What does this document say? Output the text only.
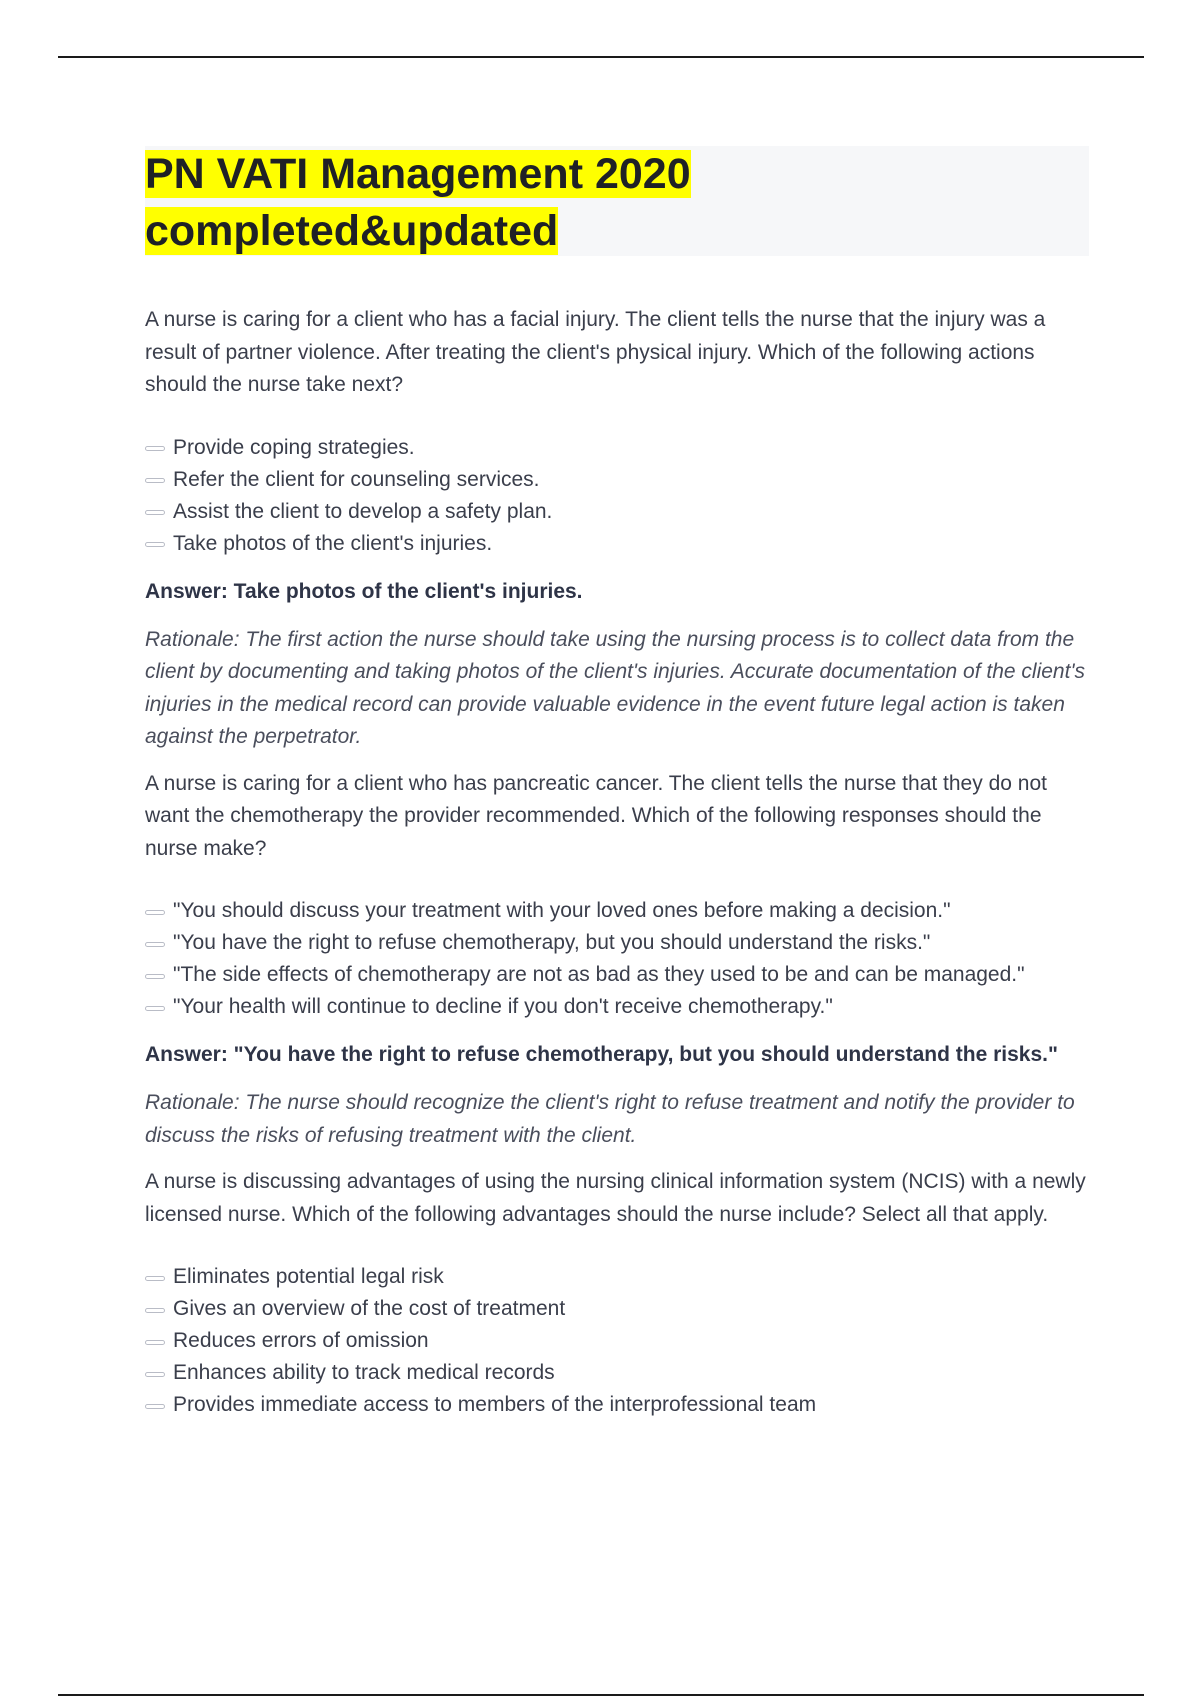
PN VATI Management 2020
completed&updated

A nurse is caring for a client who has a facial injury. The client tells the nurse that the injury was a result of partner violence. After treating the client's physical injury. Which of the following actions should the nurse take next?

Provide coping strategies.
Refer the client for counseling services.
Assist the client to develop a safety plan.
Take photos of the client's injuries.

Answer: Take photos of the client's injuries.

Rationale: The first action the nurse should take using the nursing process is to collect data from the client by documenting and taking photos of the client's injuries. Accurate documentation of the client's injuries in the medical record can provide valuable evidence in the event future legal action is taken against the perpetrator.

A nurse is caring for a client who has pancreatic cancer. The client tells the nurse that they do not want the chemotherapy the provider recommended. Which of the following responses should the nurse make?

"You should discuss your treatment with your loved ones before making a decision."
"You have the right to refuse chemotherapy, but you should understand the risks."
"The side effects of chemotherapy are not as bad as they used to be and can be managed."
"Your health will continue to decline if you don't receive chemotherapy."

Answer: "You have the right to refuse chemotherapy, but you should understand the risks."

Rationale: The nurse should recognize the client's right to refuse treatment and notify the provider to discuss the risks of refusing treatment with the client.

A nurse is discussing advantages of using the nursing clinical information system (NCIS) with a newly licensed nurse. Which of the following advantages should the nurse include? Select all that apply.

Eliminates potential legal risk
Gives an overview of the cost of treatment
Reduces errors of omission
Enhances ability to track medical records
Provides immediate access to members of the interprofessional team
